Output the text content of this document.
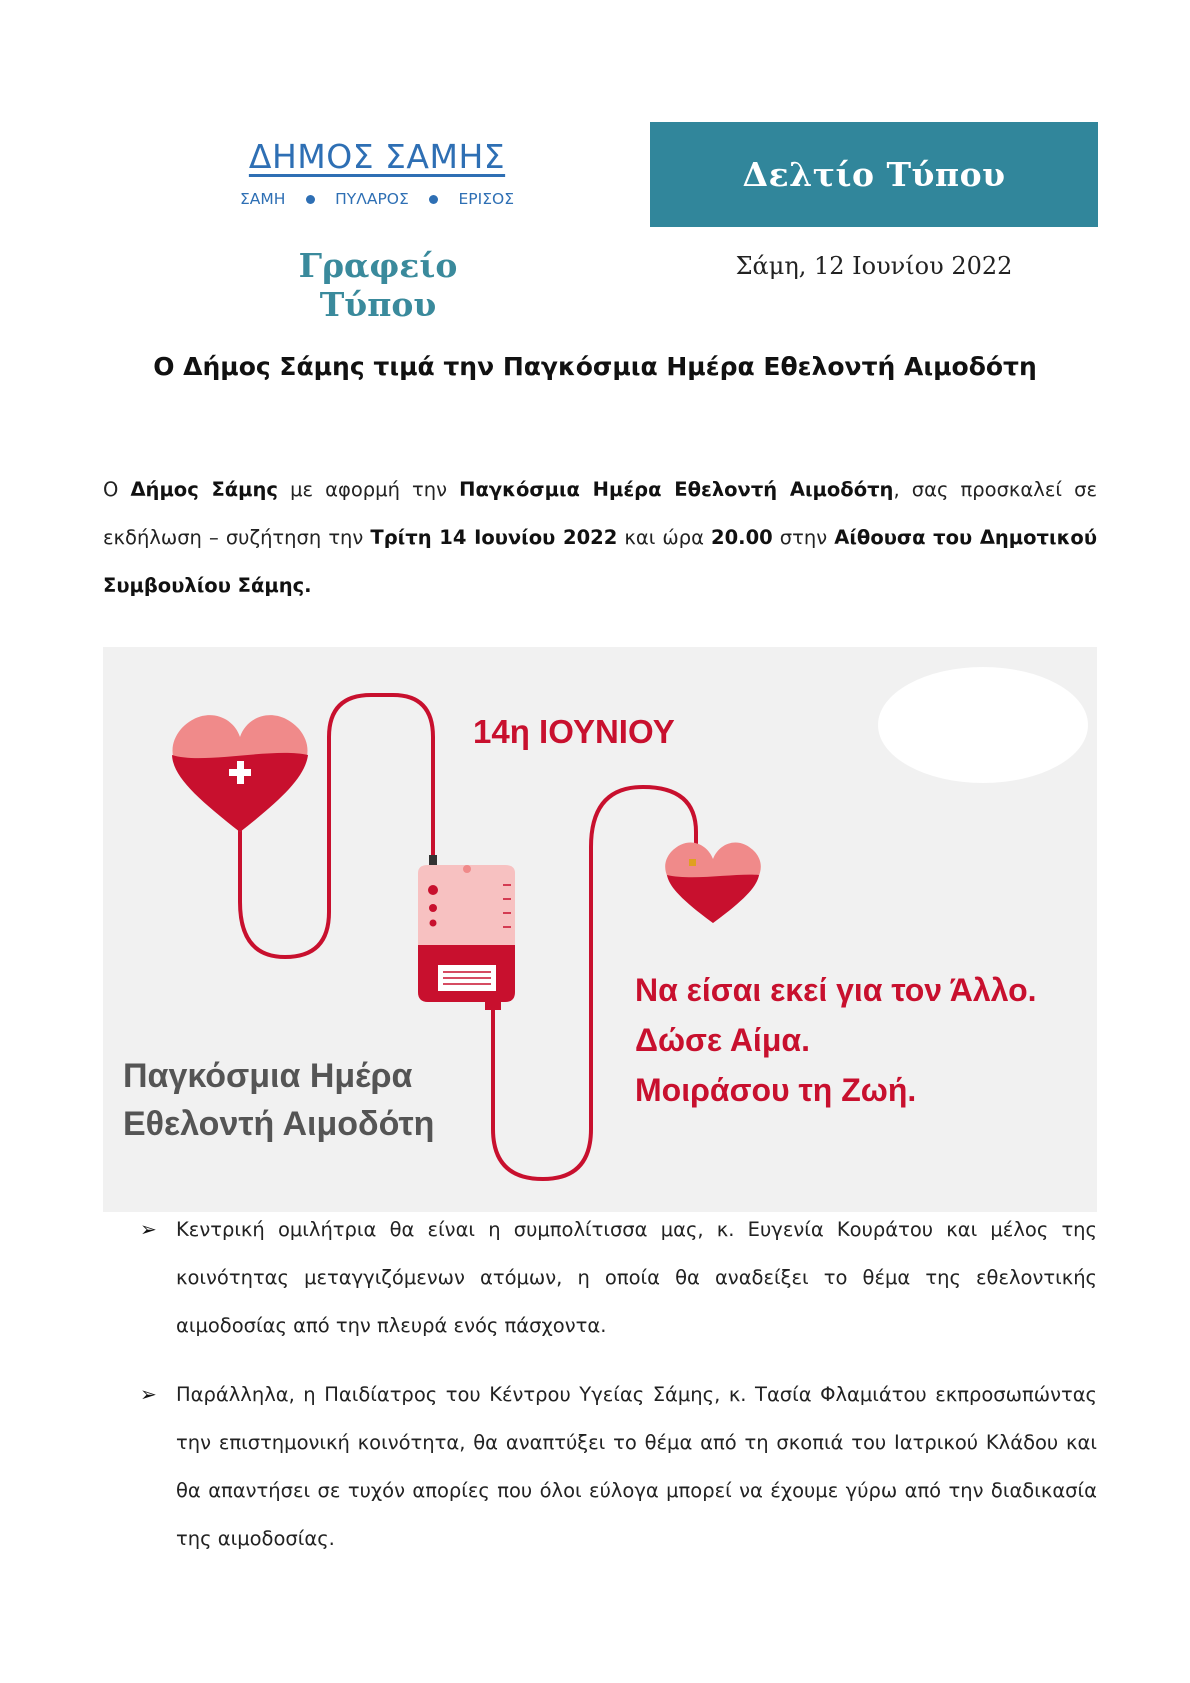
ΔΗΜΟΣ ΣΑΜΗΣ
ΣΑΜΗ	ΠΥΛΑΡΟΣ	ΕΡΙΣΟΣ
Γραφείο Τύπου
Δελτίο Τύπου
Σάμη, 12 Ιουνίου 2022
Ο Δήμος Σάμης τιμά την Παγκόσμια Ημέρα Εθελοντή Αιμοδότη

Ο Δήμος Σάμης με αφορμή την Παγκόσμια Ημέρα Εθελοντή Αιμοδότη, σας προσκαλεί σε εκδήλωση – συζήτηση την Τρίτη 14 Ιουνίου 2022 και ώρα 20.00 στην Αίθουσα του Δημοτικού Συμβουλίου Σάμης.

14η ΙΟΥΝΙΟΥ
Να είσαι εκεί για τον Άλλο.
Δώσε Αίμα.
Μοιράσου τη Ζωή.
Παγκόσμια Ημέρα
Εθελοντή Αιμοδότη
➢ Κεντρική ομιλήτρια θα είναι η συμπολίτισσα μας, κ. Ευγενία Κουράτου και μέλος της κοινότητας μεταγγιζόμενων ατόμων, η οποία θα αναδείξει το θέμα της εθελοντικής αιμοδοσίας από την πλευρά ενός πάσχοντα.

➢ Παράλληλα, η Παιδίατρος του Κέντρου Υγείας Σάμης, κ. Τασία Φλαμιάτου εκπροσωπώντας την επιστημονική κοινότητα, θα αναπτύξει το θέμα από τη σκοπιά του Ιατρικού Κλάδου και θα απαντήσει σε τυχόν απορίες που όλοι εύλογα μπορεί να έχουμε γύρω από την διαδικασία της αιμοδοσίας.
